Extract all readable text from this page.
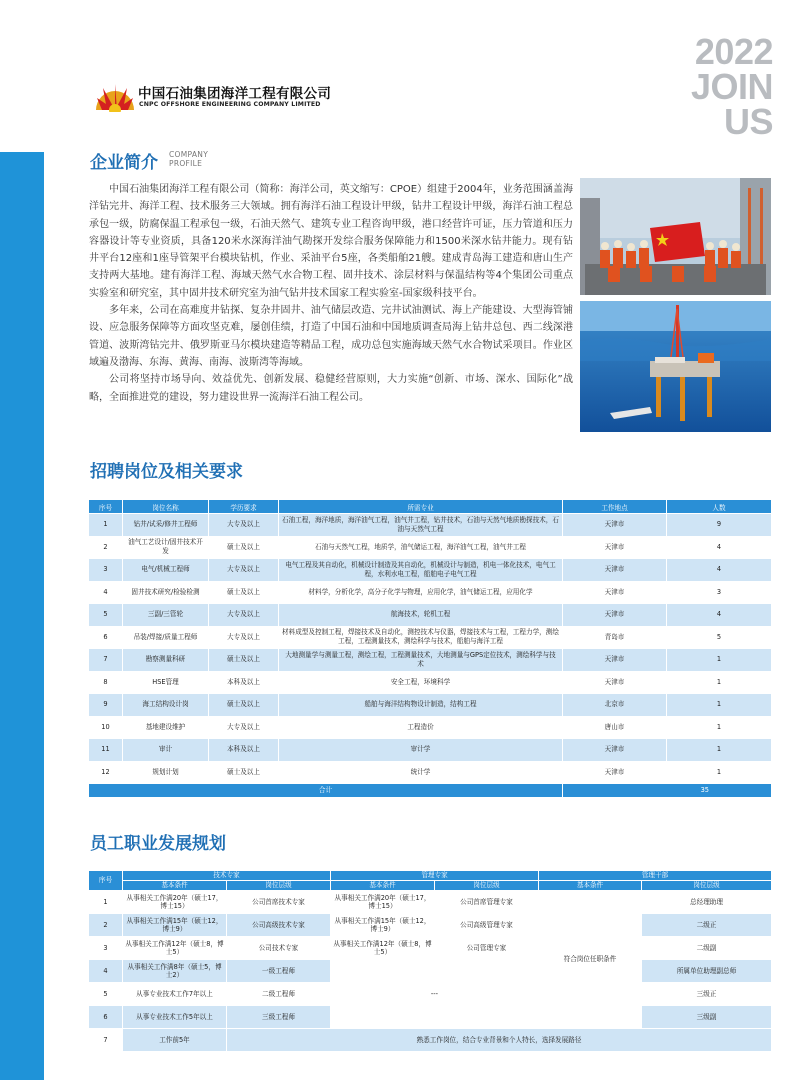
中国石油集团海洋工程有限公司
CNPC OFFSHORE ENGINEERING COMPANY LIMITED
2022
JOIN
US
企业简介 COMPANY
PROFILE

中国石油集团海洋工程有限公司（简称：海洋公司，英文缩写：CPOE）组建于2004年，业务范围涵盖海洋钻完井、海洋工程、技术服务三大领域。拥有海洋石油工程设计甲级，钻井工程设计甲级，海洋石油工程总承包一级，防腐保温工程承包一级，石油天然气、建筑专业工程咨询甲级，港口经营许可证，压力管道和压力容器设计等专业资质，具备120米水深海洋油气勘探开发综合服务保障能力和1500米深水钻井能力。现有钻井平台12座和1座导管架平台模块钻机，作业、采油平台5座，各类船舶21艘。建成青岛海工建造和唐山生产支持两大基地。建有海洋工程、海域天然气水合物工程、固井技术、涂层材料与保温结构等4个集团公司重点实验室和研究室，其中固井技术研究室为油气钻井技术国家工程实验室-国家级科技平台。

多年来，公司在高难度井钻探、复杂井固井、油气储层改造、完井试油测试、海上产能建设、大型海管铺设、应急服务保障等方面攻坚克难，屡创佳绩，打造了中国石油和中国地质调查局海上钻井总包、西二线深港管道、波斯湾钻完井、俄罗斯亚马尔模块建造等精品工程，成功总包实施海域天然气水合物试采项目。作业区域遍及渤海、东海、黄海、南海、波斯湾等海域。

公司将坚持市场导向、效益优先、创新发展、稳健经营原则，大力实施“创新、市场、深水、国际化”战略，全面推进党的建设，努力建设世界一流海洋石油工程公司。

招聘岗位及相关要求
序号	岗位名称	学历要求	所需专业	工作地点	人数
1	钻井/试采/修井工程师	大专及以上	石油工程，海洋地质，海洋油气工程，油气井工程，钻井技术，石油与天然气地质勘探技术，石油与天然气工程	天津市	9
2	油气工艺设计/固井技术开发	硕士及以上	石油与天然气工程，地质学，油气储运工程，海洋油气工程，油气井工程	天津市	4
3	电气/机械工程师	大专及以上	电气工程及其自动化，机械设计制造及其自动化，机械设计与制造，机电一体化技术，电气工程，水利水电工程，船舶电子电气工程	天津市	4
4	固井技术研究/检验检测	硕士及以上	材料学，分析化学，高分子化学与物理，应用化学，油气储运工程，应用化学	天津市	3
5	三副/三管轮	大专及以上	航海技术，轮机工程	天津市	4
6	吊装/焊接/质量工程师	大专及以上	材料成型及控制工程，焊接技术及自动化，测控技术与仪器，焊接技术与工程，工程力学，测绘工程，工程测量技术，测绘科学与技术，船舶与海洋工程	青岛市	5
7	勘察测量科研	硕士及以上	大地测量学与测量工程，测绘工程，工程测量技术，大地测量与GPS定位技术，测绘科学与技术	天津市	1
8	HSE管理	本科及以上	安全工程，环境科学	天津市	1
9	海工结构设计岗	硕士及以上	船舶与海洋结构物设计制造，结构工程	北京市	1
10	基地建设维护	大专及以上	工程造价	唐山市	1
11	审计	本科及以上	审计学	天津市	1
12	规划计划	硕士及以上	统计学	天津市	1
合计				35	
员工职业发展规划
序号	技术专家		管理专家		管理干部	
	基本条件	岗位层级	基本条件	岗位层级	基本条件	岗位层级
1	从事相关工作满20年（硕士17，博士15）	公司首席技术专家	从事相关工作满20年（硕士17，博士15）	公司首席管理专家	符合岗位任职条件	总经理助理
2	从事相关工作满15年（硕士12，博士9）	公司高级技术专家	从事相关工作满15年（硕士12，博士9）	公司高级管理专家		二级正
3	从事相关工作满12年（硕士8，博士5）	公司技术专家	从事相关工作满12年（硕士8，博士5）	公司管理专家		二级副
4	从事相关工作满8年（硕士5，博士2）	一级工程师	---			所属单位助理副总师
5	从事专业技术工作7年以上	二级工程师				三级正
6	从事专业技术工作5年以上	三级工程师				三级副
7	工作前5年	熟悉工作岗位，结合专业背景和个人特长，选择发展路径				
